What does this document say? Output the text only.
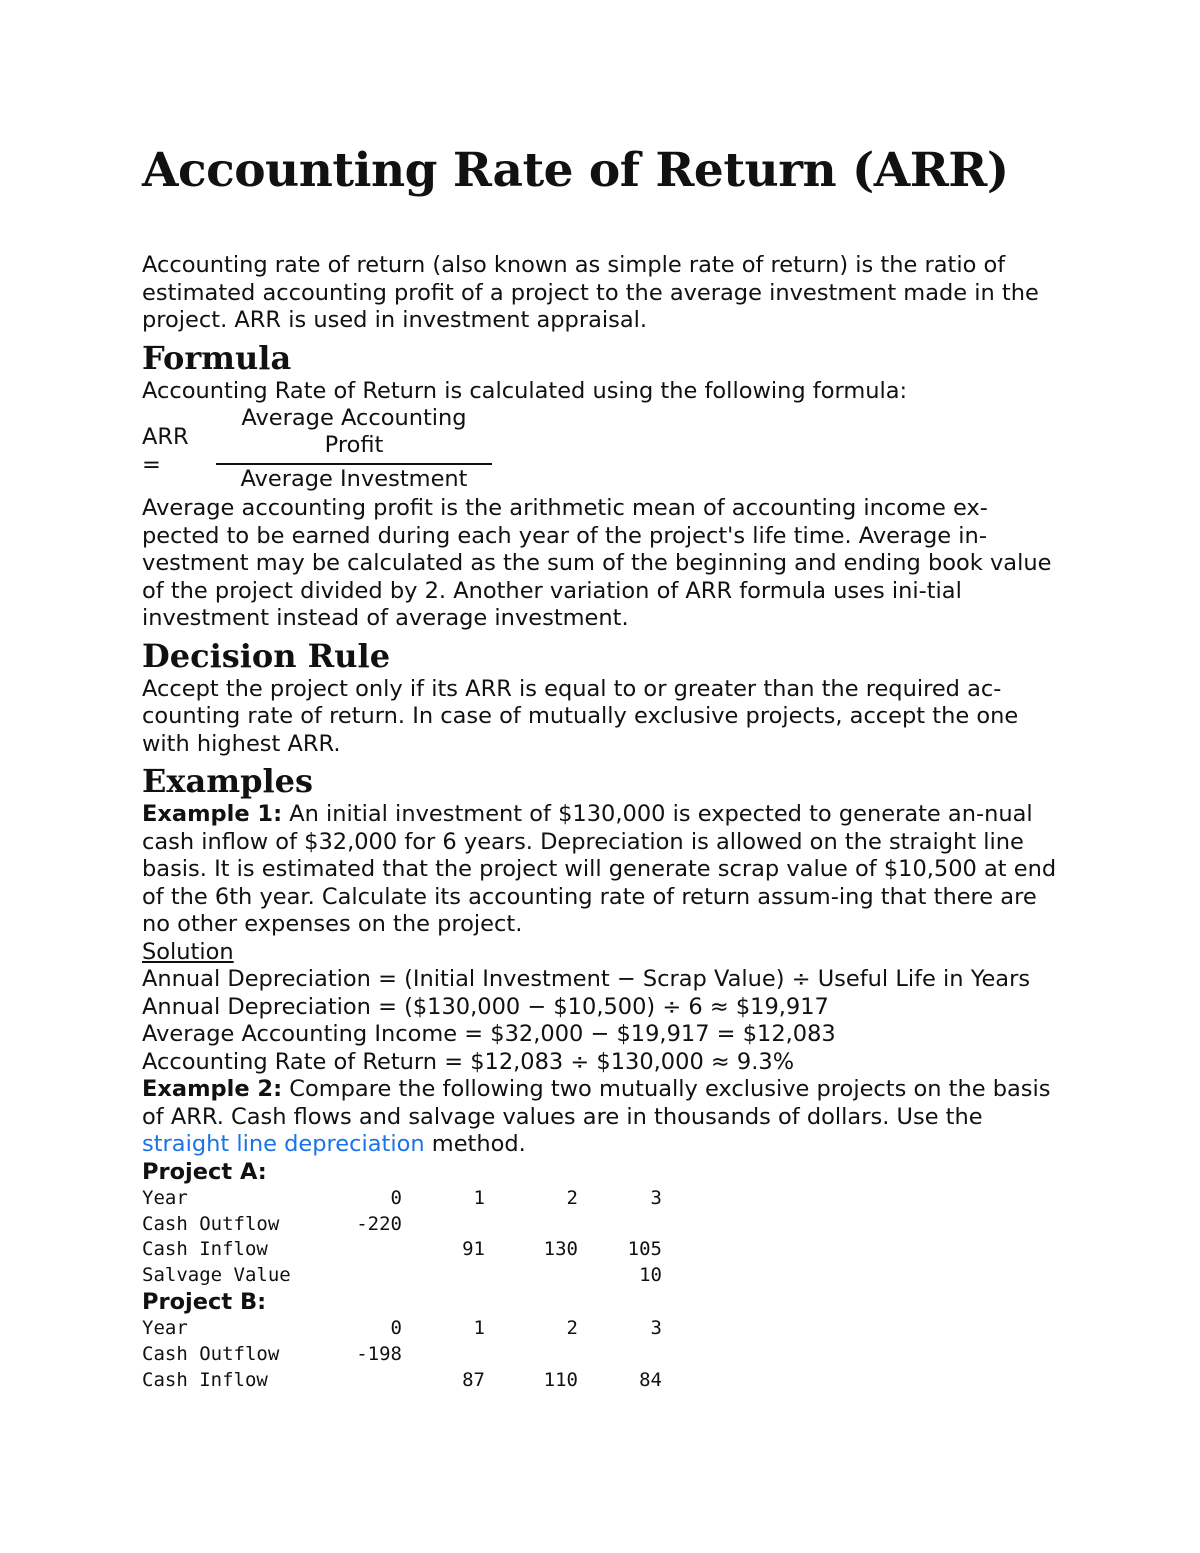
Accounting Rate of Return (ARR)

Accounting rate of return (also known as simple rate of return) is the ratio of estimated accounting profit of a project to the average investment made in the project. ARR is used in investment appraisal.

Formula

Accounting Rate of Return is calculated using the following formula:

ARR =
Average Accounting Profit
Average Investment

Average accounting profit is the arithmetic mean of accounting income ex-pected to be earned during each year of the project's life time. Average in-vestment may be calculated as the sum of the beginning and ending book value of the project divided by 2. Another variation of ARR formula uses ini-tial investment instead of average investment.

Decision Rule

Accept the project only if its ARR is equal to or greater than the required ac-counting rate of return. In case of mutually exclusive projects, accept the one with highest ARR.

Examples

Example 1: An initial investment of $130,000 is expected to generate an-nual cash inflow of $32,000 for 6 years. Depreciation is allowed on the straight line basis. It is estimated that the project will generate scrap value of $10,500 at end of the 6th year. Calculate its accounting rate of return assum-ing that there are no other expenses on the project.

Solution

Annual Depreciation = (Initial Investment − Scrap Value) ÷ Useful Life in Years

Annual Depreciation = ($130,000 − $10,500) ÷ 6 ≈ $19,917

Average Accounting Income = $32,000 − $19,917 = $12,083

Accounting Rate of Return = $12,083 ÷ $130,000 ≈ 9.3%

Example 2: Compare the following two mutually exclusive projects on the basis of ARR. Cash flows and salvage values are in thousands of dollars. Use the straight line depreciation method.

Project A:

Year	0	1	2	3
Cash Outflow	-220			
Cash Inflow		91	130	105
Salvage Value				10

Project B:

Year	0	1	2	3
Cash Outflow	-198			
Cash Inflow		87	110	84
